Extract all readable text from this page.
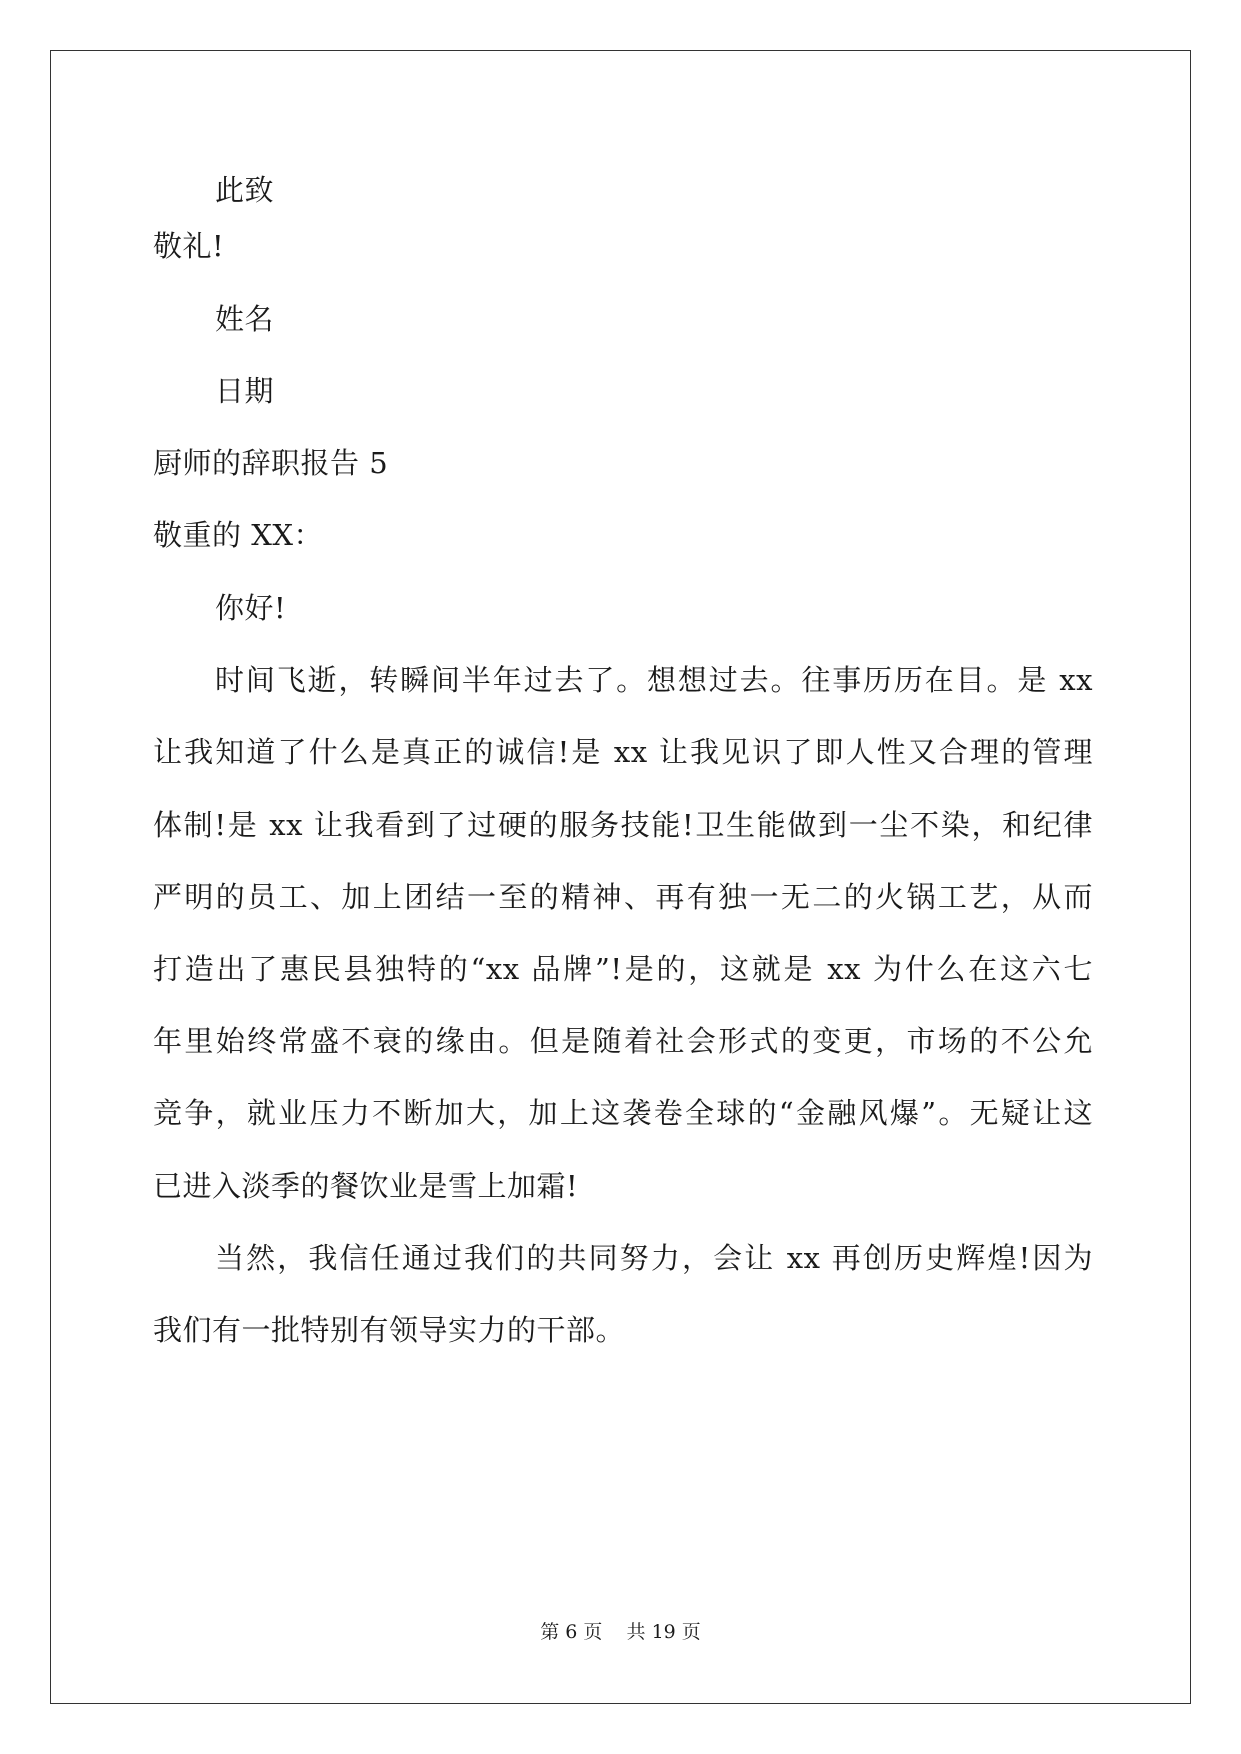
此致
敬礼!
姓名
日期
厨师的辞职报告 5
敬重的 XX：
你好!
时间飞逝，转瞬间半年过去了。想想过去。往事历历在目。是 xx
让我知道了什么是真正的诚信!是 xx 让我见识了即人性又合理的管理
体制!是 xx 让我看到了过硬的服务技能!卫生能做到一尘不染，和纪律
严明的员工、加上团结一至的精神、再有独一无二的火锅工艺，从而
打造出了惠民县独特的“xx 品牌”!是的，这就是 xx 为什么在这六七
年里始终常盛不衰的缘由。但是随着社会形式的变更，市场的不公允
竞争，就业压力不断加大，加上这袭卷全球的“金融风爆”。无疑让这
已进入淡季的餐饮业是雪上加霜!
当然，我信任通过我们的共同努力，会让 xx 再创历史辉煌!因为
我们有一批特别有领导实力的干部。
第 6 页    共 19 页
